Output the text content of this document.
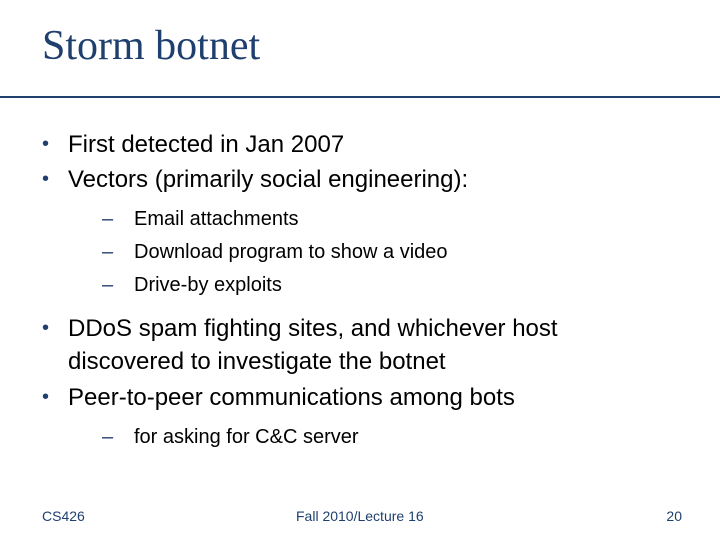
Storm botnet
• First detected in Jan 2007
• Vectors (primarily social engineering):
– Email attachments
– Download program to show a video
– Drive-by exploits
• DDoS spam fighting sites, and whichever host discovered to investigate the botnet
• Peer-to-peer communications among bots
– for asking for C&C server
CS426	Fall 2010/Lecture 16	20
